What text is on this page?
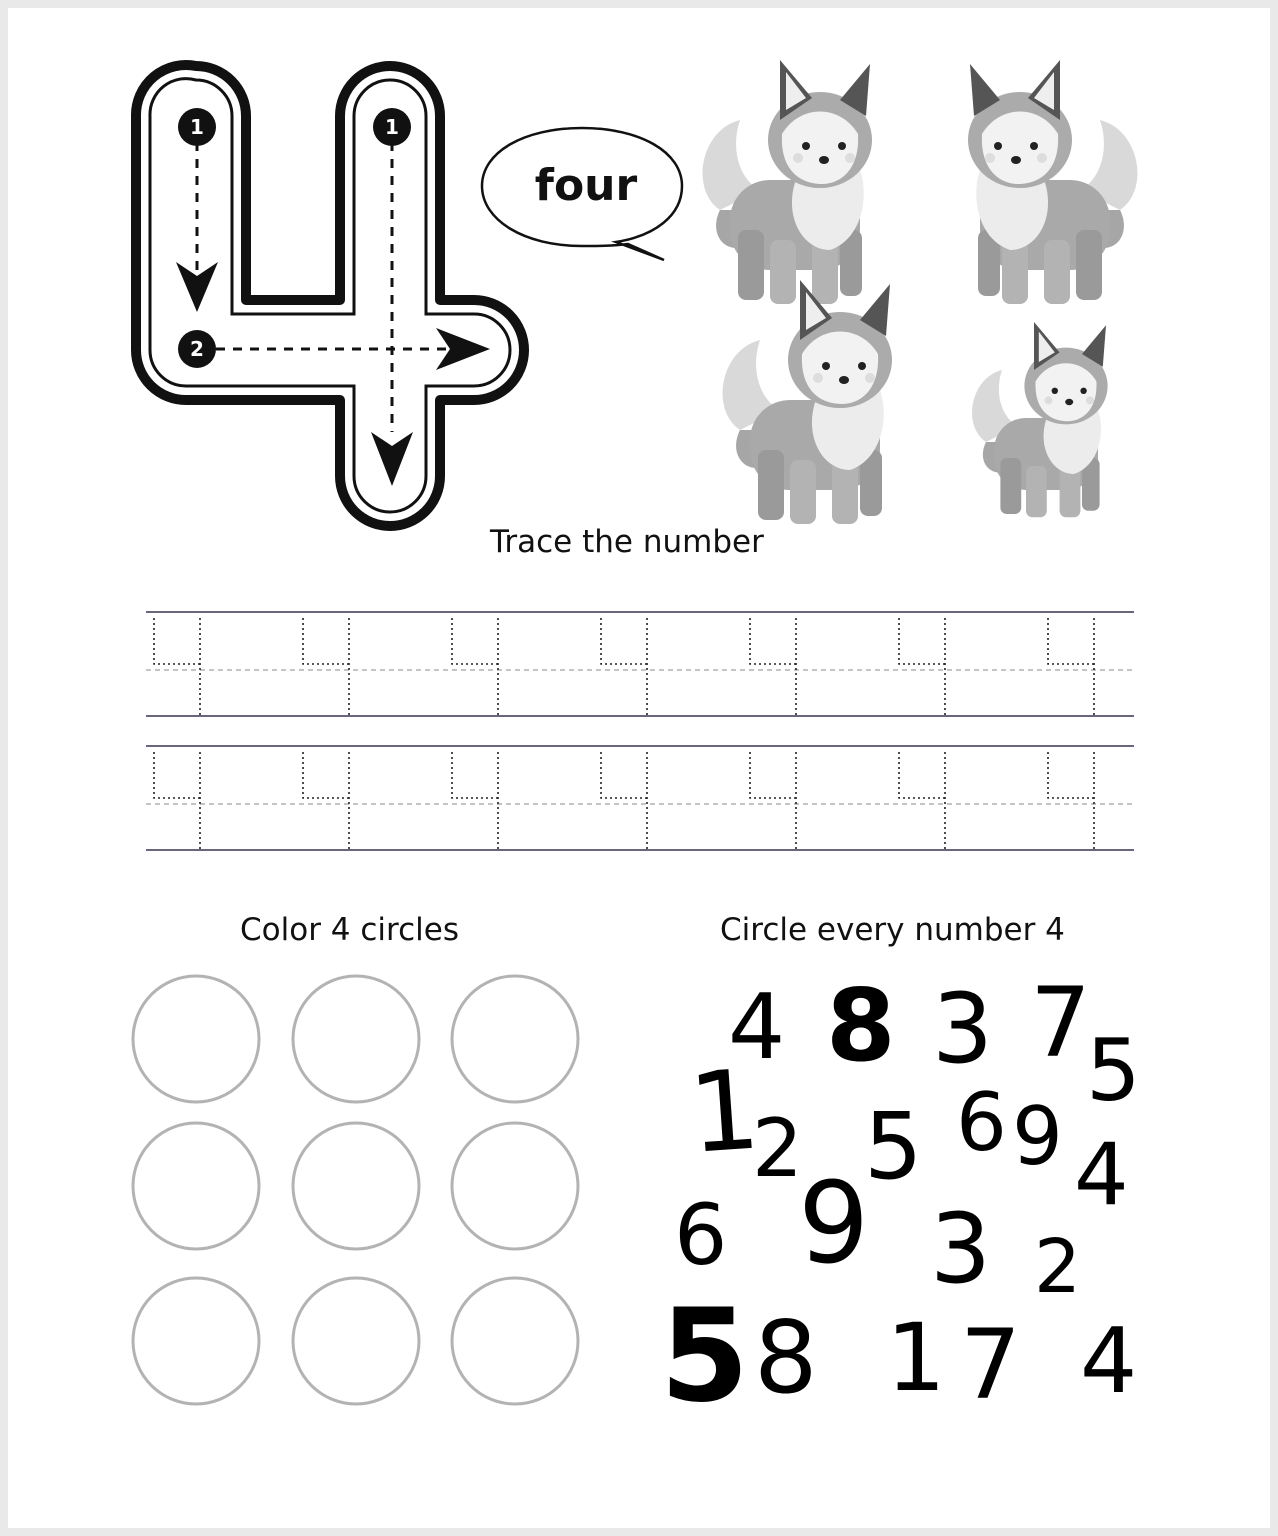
1	1
2
four
4 8 3 7
5
1
2 5 6 9 4
6 9 3 2
5 8 1 7 4
Trace the number
Color 4 circles	Circle every number 4
